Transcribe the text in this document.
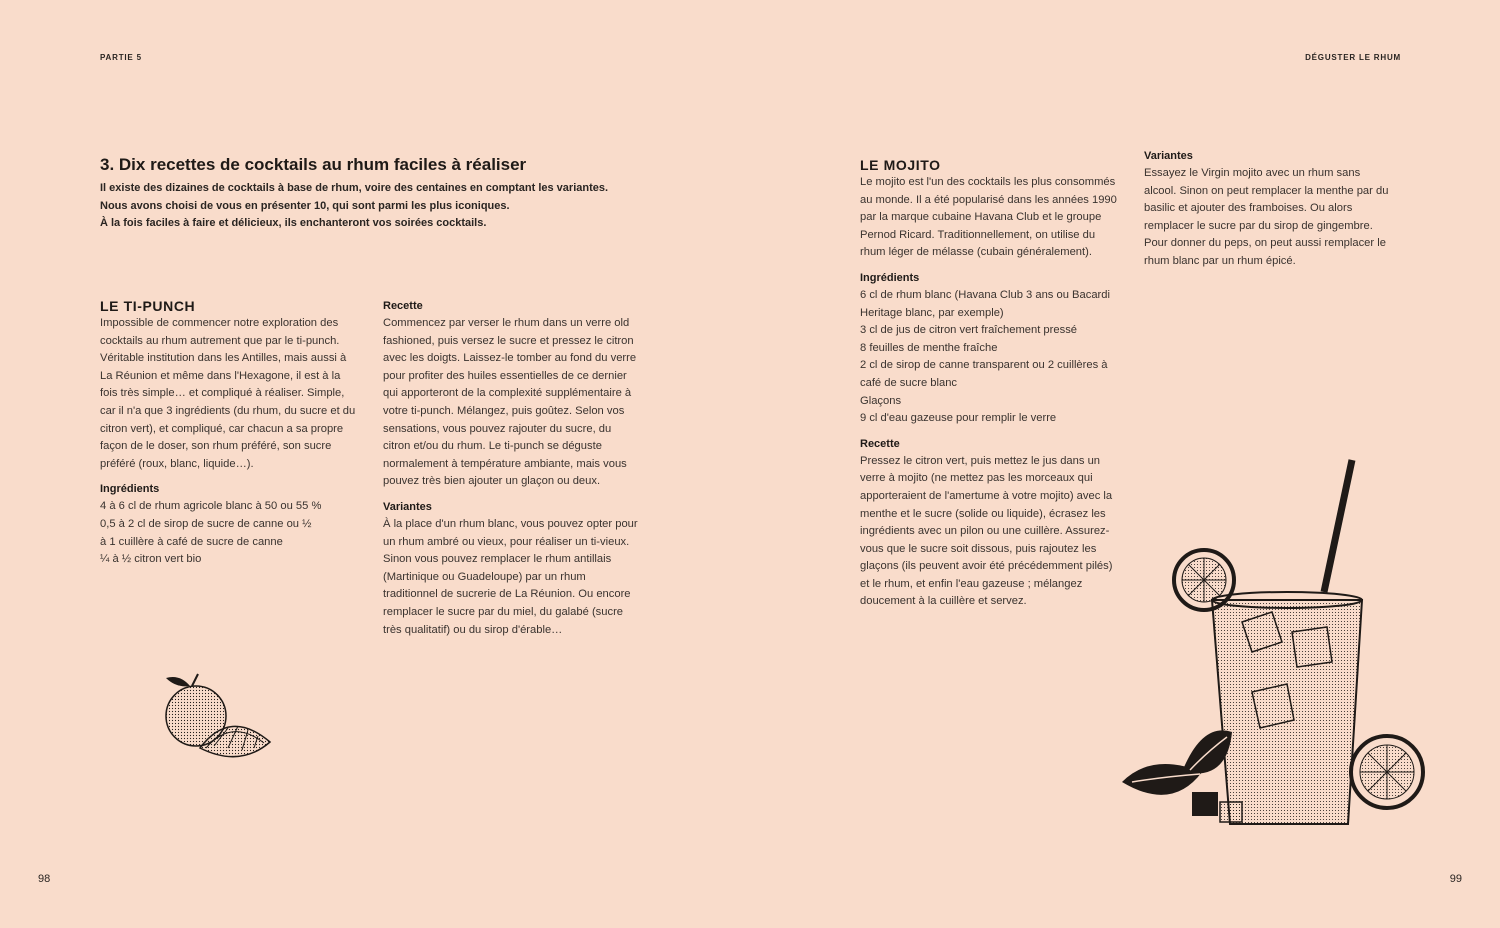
PARTIE 5
3. Dix recettes de cocktails au rhum faciles à réaliser

Il existe des dizaines de cocktails à base de rhum, voire des centaines en comptant les variantes.

Nous avons choisi de vous en présenter 10, qui sont parmi les plus iconiques.

À la fois faciles à faire et délicieux, ils enchanteront vos soirées cocktails.

LE TI-PUNCH

Impossible de commencer notre exploration des cocktails au rhum autrement que par le ti-punch. Véritable institution dans les Antilles, mais aussi à La Réunion et même dans l'Hexagone, il est à la fois très simple… et compliqué à réaliser. Simple, car il n'a que 3 ingrédients (du rhum, du sucre et du citron vert), et compliqué, car chacun a sa propre façon de le doser, son rhum préféré, son sucre préféré (roux, blanc, liquide…).

Ingrédients
4 à 6 cl de rhum agricole blanc à 50 ou 55 %
0,5 à 2 cl de sirop de sucre de canne ou ½
à 1 cuillère à café de sucre de canne
¼ à ½ citron vert bio
Recette

Commencez par verser le rhum dans un verre old fashioned, puis versez le sucre et pressez le citron avec les doigts. Laissez-le tomber au fond du verre pour profiter des huiles essentielles de ce dernier qui apporteront de la complexité supplémentaire à votre ti-punch. Mélangez, puis goûtez. Selon vos sensations, vous pouvez rajouter du sucre, du citron et/ou du rhum. Le ti-punch se déguste normalement à température ambiante, mais vous pouvez très bien ajouter un glaçon ou deux.

Variantes

À la place d'un rhum blanc, vous pouvez opter pour un rhum ambré ou vieux, pour réaliser un ti-vieux. Sinon vous pouvez remplacer le rhum antillais (Martinique ou Guadeloupe) par un rhum traditionnel de sucrerie de La Réunion. Ou encore remplacer le sucre par du miel, du galabé (sucre très qualitatif) ou du sirop d'érable…

98
DÉGUSTER LE RHUM
LE MOJITO

Le mojito est l'un des cocktails les plus consommés au monde. Il a été popularisé dans les années 1990 par la marque cubaine Havana Club et le groupe Pernod Ricard. Traditionnellement, on utilise du rhum léger de mélasse (cubain généralement).

Ingrédients
6 cl de rhum blanc (Havana Club 3 ans ou Bacardi Heritage blanc, par exemple)
3 cl de jus de citron vert fraîchement pressé
8 feuilles de menthe fraîche
2 cl de sirop de canne transparent ou 2 cuillères à café de sucre blanc
Glaçons
9 cl d'eau gazeuse pour remplir le verre
Recette

Pressez le citron vert, puis mettez le jus dans un verre à mojito (ne mettez pas les morceaux qui apporteraient de l'amertume à votre mojito) avec la menthe et le sucre (solide ou liquide), écrasez les ingrédients avec un pilon ou une cuillère. Assurez-vous que le sucre soit dissous, puis rajoutez les glaçons (ils peuvent avoir été précédemment pilés) et le rhum, et enfin l'eau gazeuse ; mélangez doucement à la cuillère et servez.

Variantes

Essayez le Virgin mojito avec un rhum sans alcool. Sinon on peut remplacer la menthe par du basilic et ajouter des framboises. Ou alors remplacer le sucre par du sirop de gingembre. Pour donner du peps, on peut aussi remplacer le rhum blanc par un rhum épicé.

99
